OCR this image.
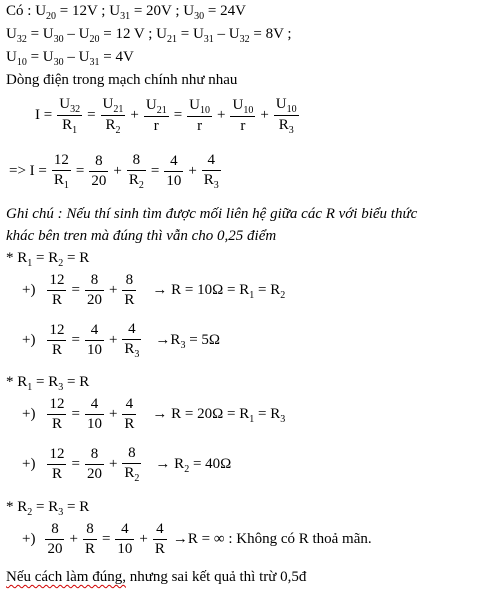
Có : $U_{20} = 12V$ ; $U_{31} = 20V$ ; $U_{30} = 24V$
$U_{32} = U_{30} - U_{20} = 12$ V ; $U_{21} = U_{31} - U_{32} = 8V$ ;
$U_{10} = U_{30} - U_{31} = 4V$
Dòng điện trong mạch chính như nhau
$I = \frac{U_{32}}{R_1} = \frac{U_{21}}{R_2} + \frac{U_{21}}{r} = \frac{U_{10}}{r} + \frac{U_{10}}{r} + \frac{U_{10}}{R_3}$
=> $I = \frac{12}{R_1} = \frac{8}{20} + \frac{8}{R_2} = \frac{4}{10} + \frac{4}{R_3}$
Ghi chú : Nếu thí sinh tìm được mối liên hệ giữa các R với biểu thức
khác bên tren mà đúng thì vẫn cho 0,25 điểm
* $R_1 = R_2 = R$
+) $\frac{12}{R} = \frac{8}{20} + \frac{8}{R} \to R = 10\Omega = R_1 = R_2$
+) $\frac{12}{R} = \frac{4}{10} + \frac{4}{R_3} \to R_3 = 5\Omega$
* $R_1 = R_3 = R$
+) $\frac{12}{R} = \frac{4}{10} + \frac{4}{R} \to R = 20\Omega = R_1 = R_3$
+) $\frac{12}{R} = \frac{8}{20} + \frac{8}{R_2} \to R_2 = 40\Omega$
* $R_2 = R_3 = R$
+) $\frac{8}{20} + \frac{8}{R} = \frac{4}{10} + \frac{4}{R} \to R$ = ∞ : Không có R thoả mãn.
Nếu cách làm đúng, nhưng sai kết quả thì trừ 0,5đ
